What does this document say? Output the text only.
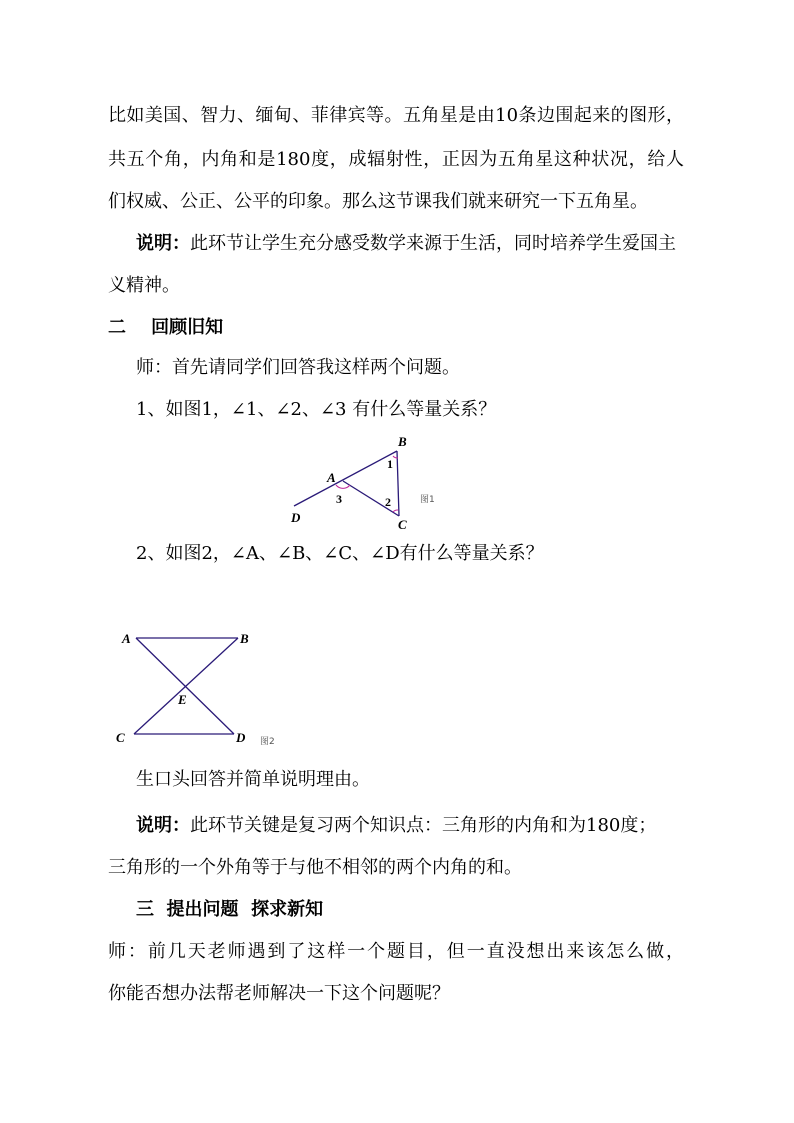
比如美国、智力、缅甸、菲律宾等。五角星是由10条边围起来的图形，
共五个角，内角和是180度，成辐射性，正因为五角星这种状况，给人
们权威、公正、公平的印象。那么这节课我们就来研究一下五角星。
说明：此环节让学生充分感受数学来源于生活，同时培养学生爱国主
义精神。
二    回顾旧知
师：首先请同学们回答我这样两个问题。
1、如图1，∠1、∠2、∠3 有什么等量关系？
B
A
D	C
1
2
3	图1
2、如图2，∠A、∠B、∠C、∠D有什么等量关系？
A	B
E
C	D 图2
生口头回答并简单说明理由。
说明：此环节关键是复习两个知识点：三角形的内角和为180度；
三角形的一个外角等于与他不相邻的两个内角的和。
三  提出问题  探求新知
师：前几天老师遇到了这样一个题目，但一直没想出来该怎么做，
你能否想办法帮老师解决一下这个问题呢？
